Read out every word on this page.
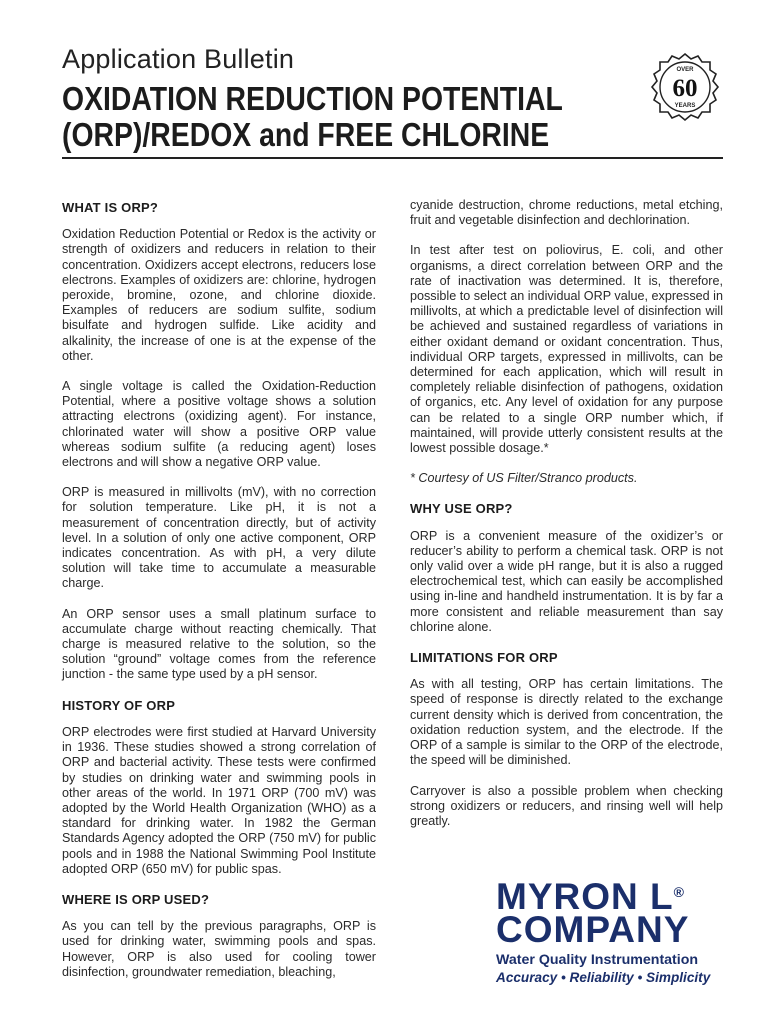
Application Bulletin
OXIDATION REDUCTION POTENTIAL
(ORP)/REDOX and FREE CHLORINE
OVER
60
YEARS
WHAT IS ORP?

Oxidation Reduction Potential or Redox is the activity or strength of oxidizers and reducers in relation to their concentration. Oxidizers accept electrons, reducers lose electrons. Examples of oxidizers are: chlorine, hydrogen peroxide, bromine, ozone, and chlorine dioxide. Examples of reducers are sodium sulfite, sodium bisulfate and hydrogen sulfide. Like acidity and alkalinity, the increase of one is at the expense of the other.

A single voltage is called the Oxidation-Reduction Potential, where a positive voltage shows a solution attracting electrons (oxidizing agent). For instance, chlorinated water will show a positive ORP value whereas sodium sulfite (a reducing agent) loses electrons and will show a negative ORP value.

ORP is measured in millivolts (mV), with no correction for solution temperature. Like pH, it is not a measurement of concentration directly, but of activity level. In a solution of only one active component, ORP indicates concentration. As with pH, a very dilute solution will take time to accumulate a measurable charge.

An ORP sensor uses a small platinum surface to accumulate charge without reacting chemically. That charge is measured relative to the solution, so the solution “ground” voltage comes from the reference junction - the same type used by a pH sensor.

HISTORY OF ORP

ORP electrodes were first studied at Harvard University in 1936. These studies showed a strong correlation of ORP and bacterial activity. These tests were confirmed by studies on drinking water and swimming pools in other areas of the world. In 1971 ORP (700 mV) was adopted by the World Health Organization (WHO) as a standard for drinking water. In 1982 the German Standards Agency adopted the ORP (750 mV) for public pools and in 1988 the National Swimming Pool Institute adopted ORP (650 mV) for public spas.

WHERE IS ORP USED?

As you can tell by the previous paragraphs, ORP is used for drinking water, swimming pools and spas. However, ORP is also used for cooling tower disinfection, groundwater remediation, bleaching,

cyanide destruction, chrome reductions, metal etching, fruit and vegetable disinfection and dechlorination.

In test after test on poliovirus, E. coli, and other organisms, a direct correlation between ORP and the rate of inactivation was determined. It is, therefore, possible to select an individual ORP value, expressed in millivolts, at which a predictable level of disinfection will be achieved and sustained regardless of variations in either oxidant demand or oxidant concentration. Thus, individual ORP targets, expressed in millivolts, can be determined for each application, which will result in completely reliable disinfection of pathogens, oxidation of organics, etc. Any level of oxidation for any purpose can be related to a single ORP number which, if maintained, will provide utterly consistent results at the lowest possible dosage.*

* Courtesy of US Filter/Stranco products.

WHY USE ORP?

ORP is a convenient measure of the oxidizer’s or reducer’s ability to perform a chemical task. ORP is not only valid over a wide pH range, but it is also a rugged electrochemical test, which can easily be accomplished using in-line and handheld instrumentation. It is by far a more consistent and reliable measurement than say chlorine alone.

LIMITATIONS FOR ORP

As with all testing, ORP has certain limitations. The speed of response is directly related to the exchange current density which is derived from concentration, the oxidation reduction system, and the electrode. If the ORP of a sample is similar to the ORP of the electrode, the speed will be diminished.

Carryover is also a possible problem when checking strong oxidizers or reducers, and rinsing well will help greatly.

MYRON L®
COMPANY
Water Quality Instrumentation
Accuracy • Reliability • Simplicity
